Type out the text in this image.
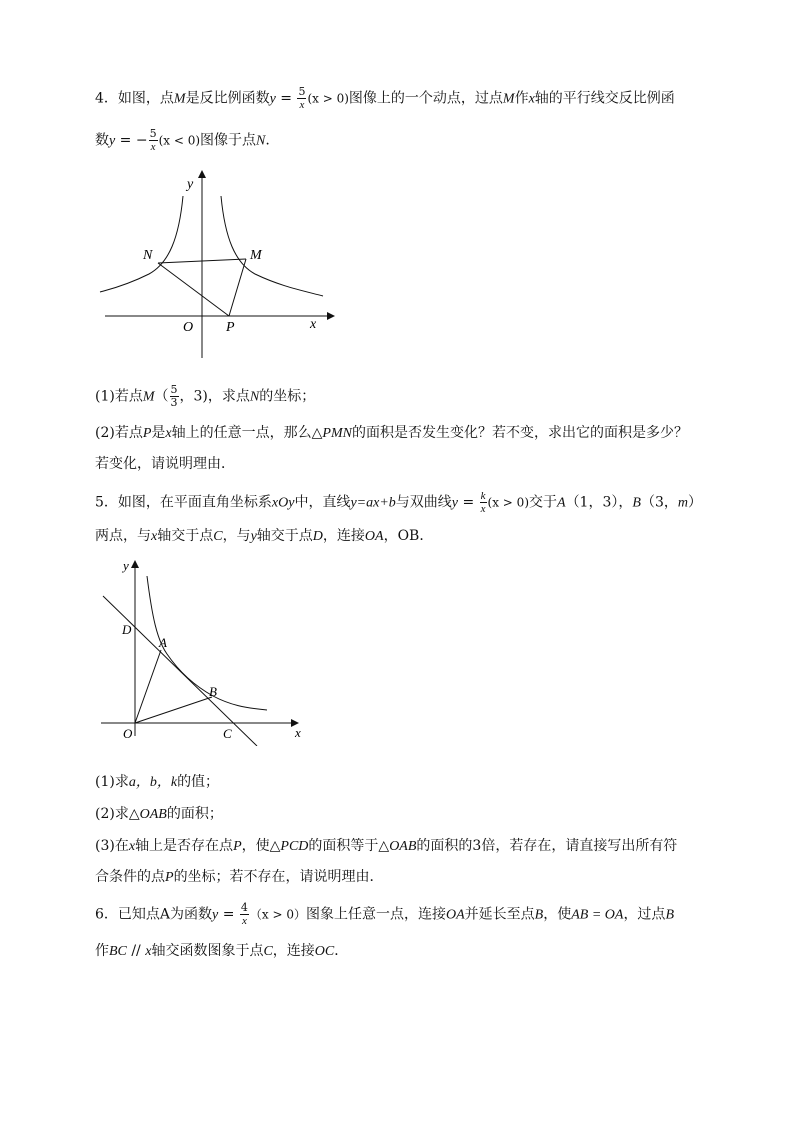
4．如图，点M是反比例函数$y = \frac{5}{x} (x > 0)$图像上的一个动点，过点M作x轴的平行线交反比例函
数y = − $\frac{5}{x} (x < 0)$图像于点N.
y
x
O P
N	M
(1)若点$M( \frac{5}{3}$ ，3)，求点N的坐标；
(2)若点P是x轴上的任意一点，那么△PMN的面积是否发生变化？若不变，求出它的面积是多少？
若变化，请说明理由．
5．如图，在平面直角坐标系xOy中，直线y=ax+b与双曲线$y = \frac{k}{x} (x > 0)$交于A（1，3），B（3，m）
两点，与x轴交于点C，与y轴交于点D，连接OA，OB．
y
D
A
B
O	C	x
(1)求a，b，k的值；
(2)求△OAB的面积；
(3)在x轴上是否存在点P，使△PCD的面积等于△OAB的面积的3倍，若存在，请直接写出所有符
合条件的点P的坐标；若不存在，请说明理由．
6．已知点A为函数$y = \frac{4}{x} (x > 0)$图象上任意一点，连接OA并延长至点B，使AB = OA，过点B
作BC // x轴交函数图象于点C，连接OC．
